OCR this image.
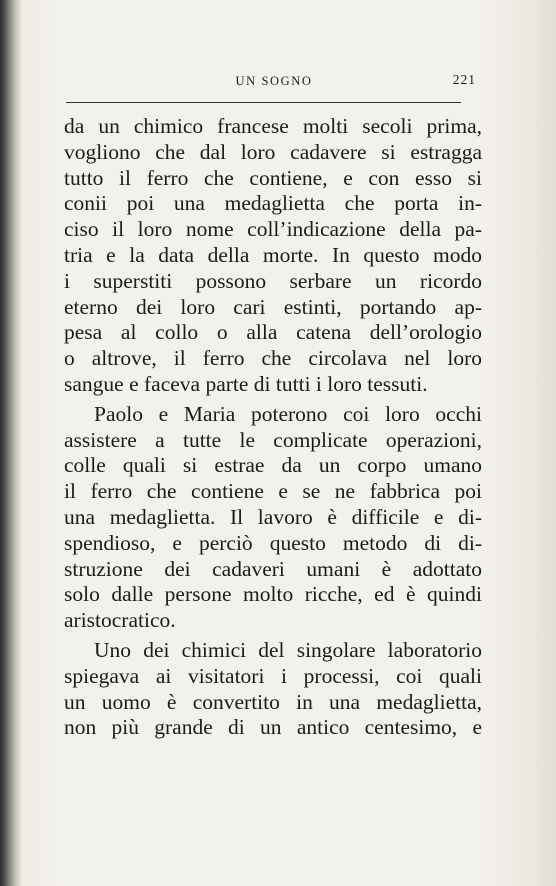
UN SOGNO	221
da un chimico francese molti secoli prima,
vogliono che dal loro cadavere si estragga
tutto il ferro che contiene, e con esso si
conii poi una medaglietta che porta in-
ciso il loro nome coll’indicazione della pa-
tria e la data della morte. In questo modo
i superstiti possono serbare un ricordo
eterno dei loro cari estinti, portando ap-
pesa al collo o alla catena dell’orologio
o altrove, il ferro che circolava nel loro
sangue e faceva parte di tutti i loro tessuti.
Paolo e Maria poterono coi loro occhi
assistere a tutte le complicate operazioni,
colle quali si estrae da un corpo umano
il ferro che contiene e se ne fabbrica poi
una medaglietta. Il lavoro è difficile e di-
spendioso, e perciò questo metodo di di-
struzione dei cadaveri umani è adottato
solo dalle persone molto ricche, ed è quindi
aristocratico.
Uno dei chimici del singolare laboratorio
spiegava ai visitatori i processi, coi quali
un uomo è convertito in una medaglietta,
non più grande di un antico centesimo, e
